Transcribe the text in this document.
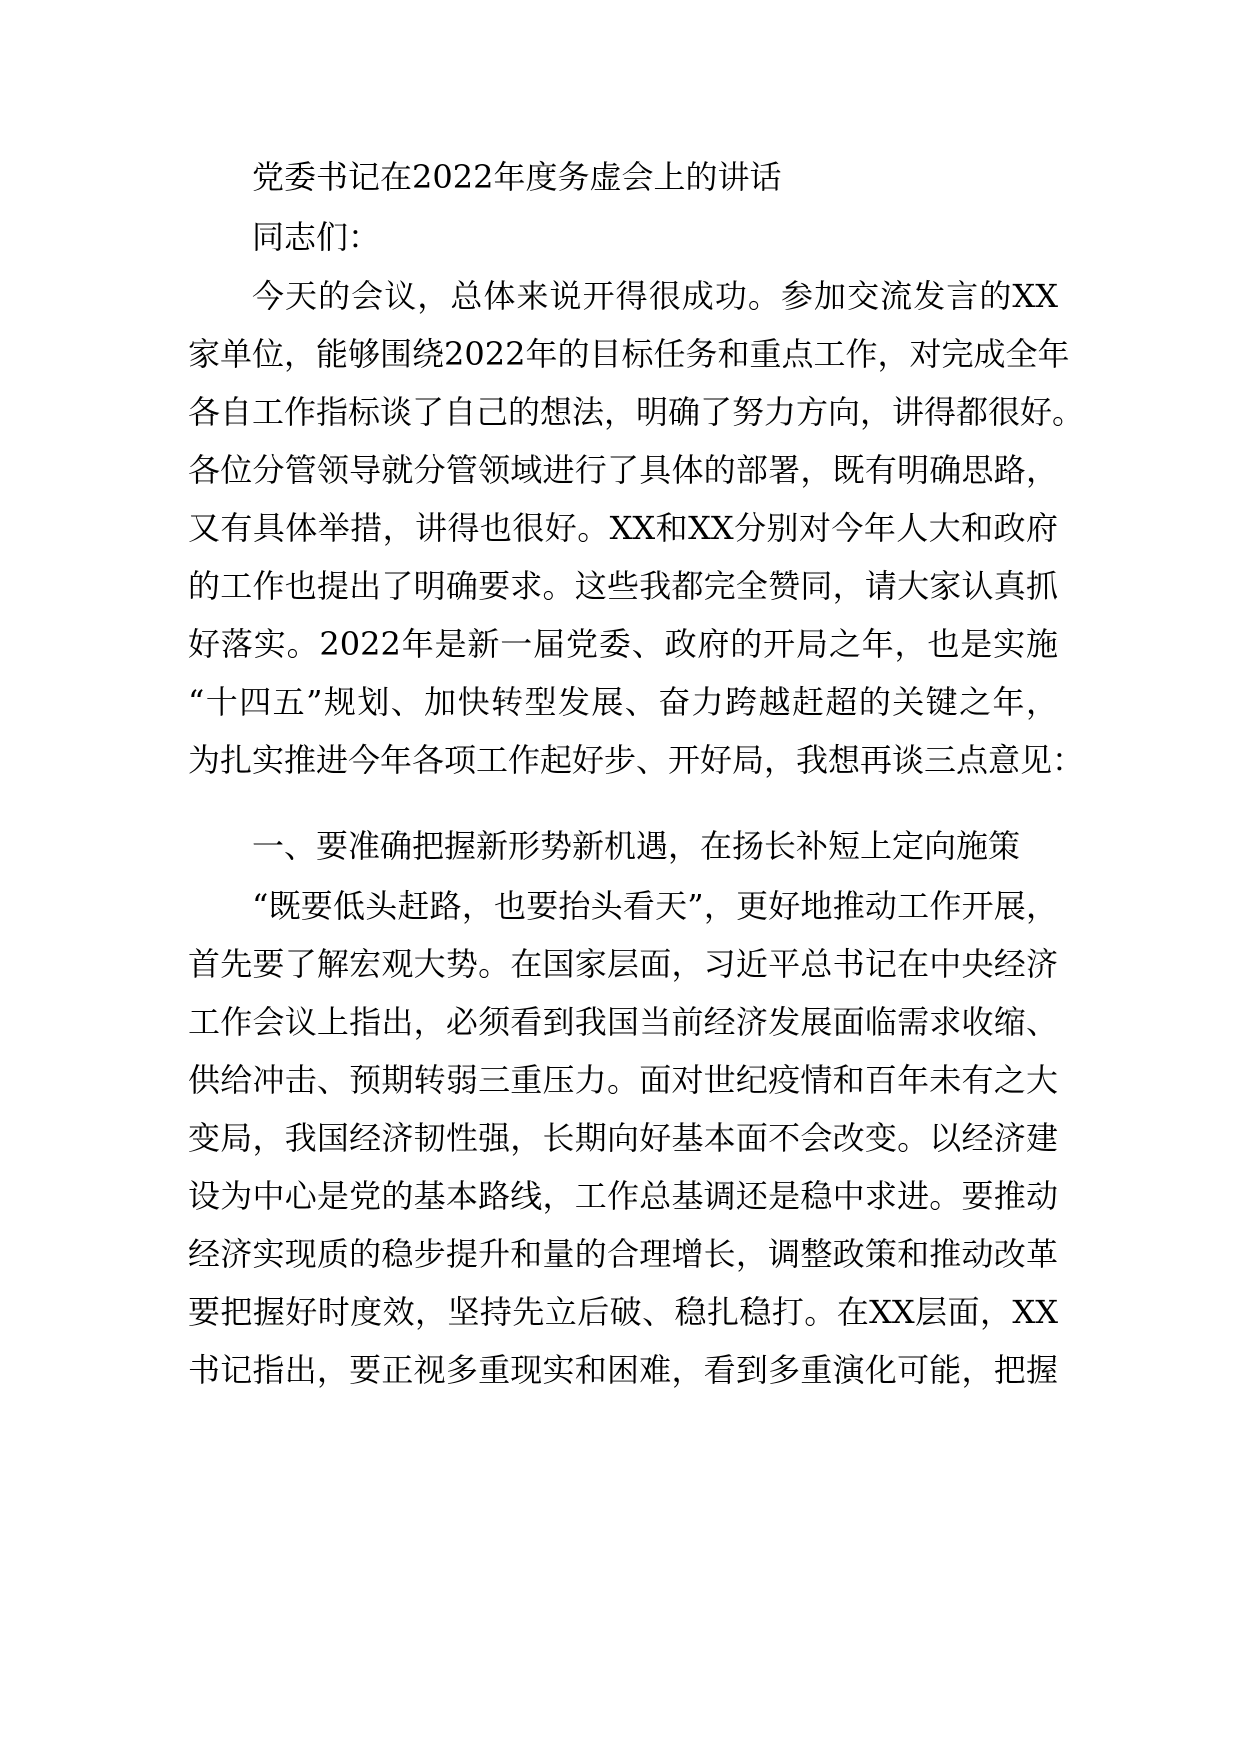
党委书记在2022年度务虚会上的讲话
同志们：
今天的会议，总体来说开得很成功。参加交流发言的XX
家单位，能够围绕2022年的目标任务和重点工作，对完成全年
各自工作指标谈了自己的想法，明确了努力方向，讲得都很好。
各位分管领导就分管领域进行了具体的部署，既有明确思路，
又有具体举措，讲得也很好。XX和XX分别对今年人大和政府
的工作也提出了明确要求。这些我都完全赞同，请大家认真抓
好落实。2022年是新一届党委、政府的开局之年，也是实施
“十四五”规划、加快转型发展、奋力跨越赶超的关键之年，
为扎实推进今年各项工作起好步、开好局，我想再谈三点意见：
一、要准确把握新形势新机遇，在扬长补短上定向施策
“既要低头赶路，也要抬头看天”，更好地推动工作开展，
首先要了解宏观大势。在国家层面，习近平总书记在中央经济
工作会议上指出，必须看到我国当前经济发展面临需求收缩、
供给冲击、预期转弱三重压力。面对世纪疫情和百年未有之大
变局，我国经济韧性强，长期向好基本面不会改变。以经济建
设为中心是党的基本路线，工作总基调还是稳中求进。要推动
经济实现质的稳步提升和量的合理增长，调整政策和推动改革
要把握好时度效，坚持先立后破、稳扎稳打。在XX层面，XX
书记指出，要正视多重现实和困难，看到多重演化可能，把握
